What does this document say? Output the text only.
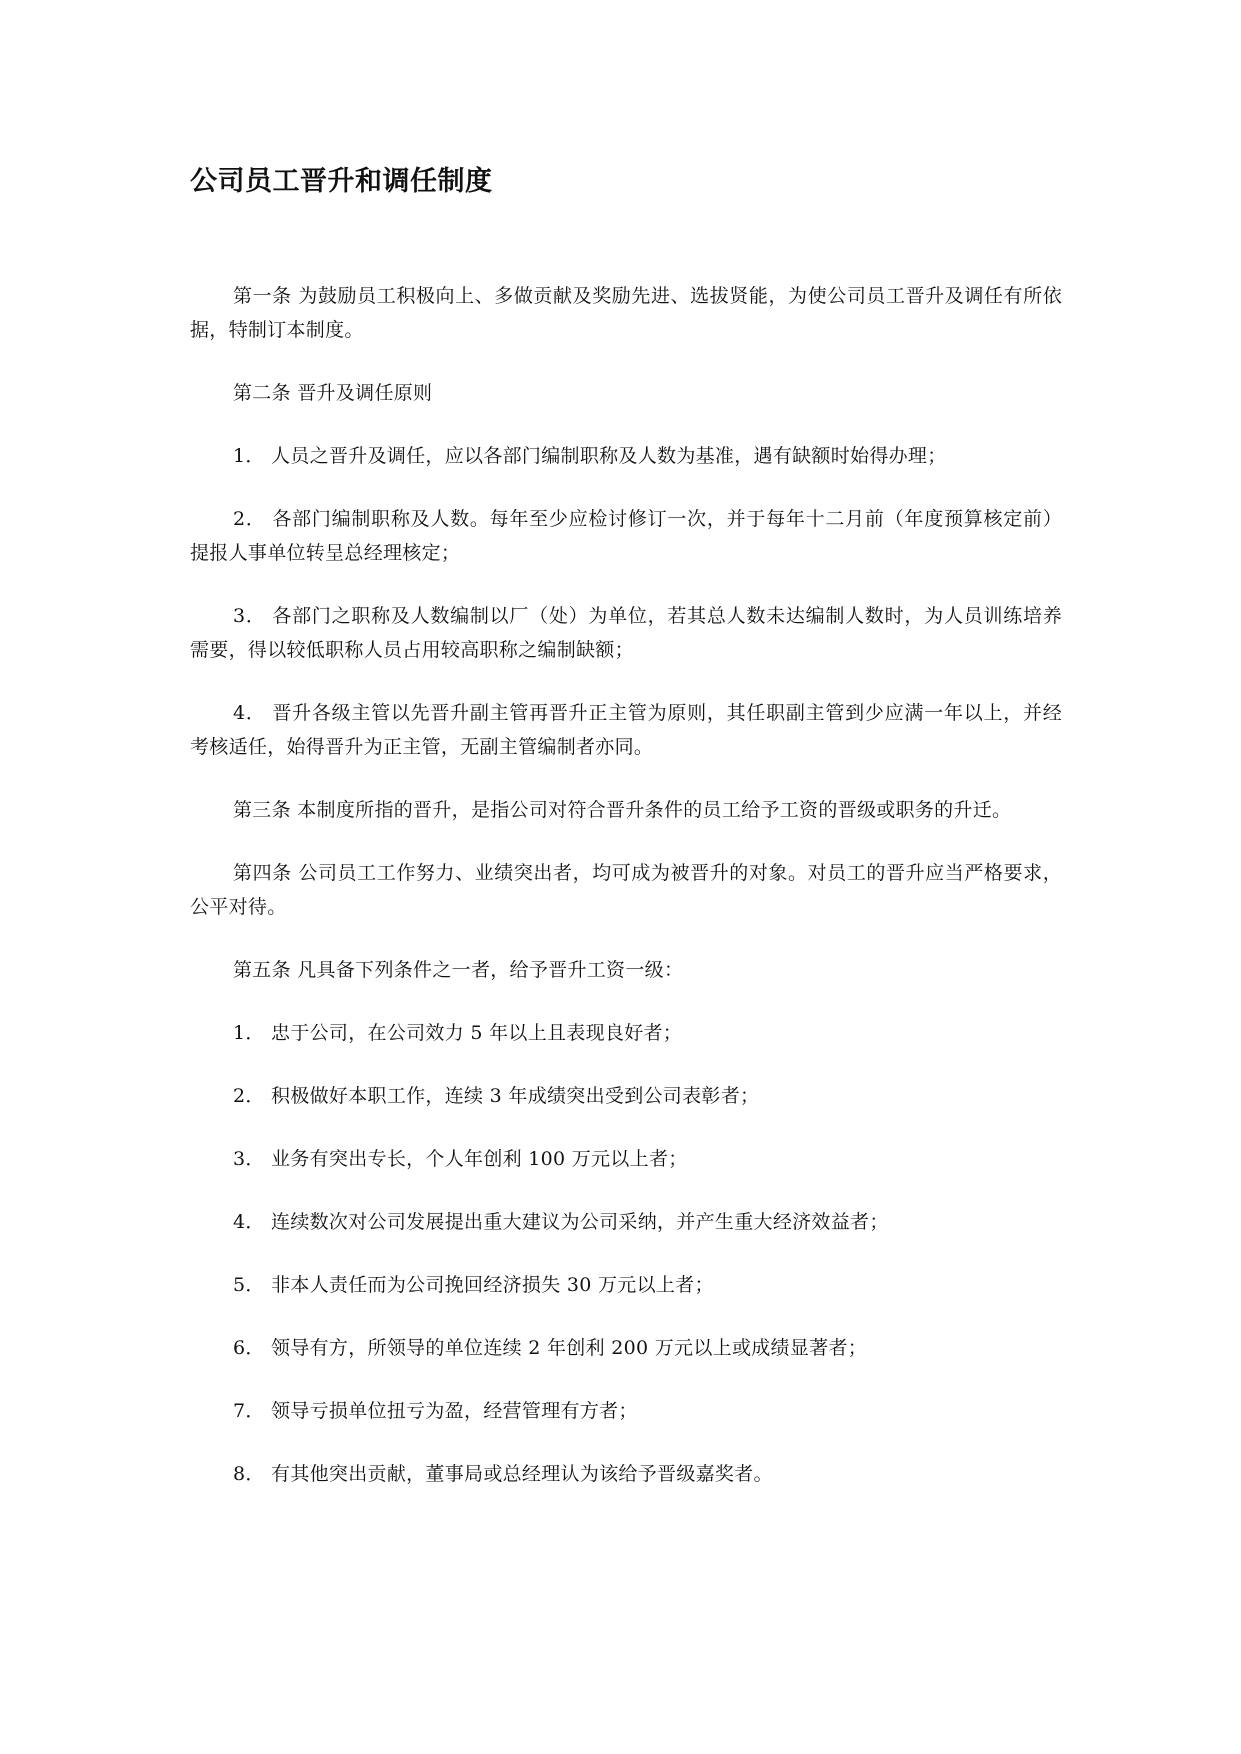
公司员工晋升和调任制度

第一条 为鼓励员工积极向上、多做贡献及奖励先进、选拔贤能，为使公司员工晋升及调任有所依据，特制订本制度。

第二条 晋升及调任原则

1． 人员之晋升及调任，应以各部门编制职称及人数为基准，遇有缺额时始得办理；

2． 各部门编制职称及人数。每年至少应检讨修订一次，并于每年十二月前（年度预算核定前）提报人事单位转呈总经理核定；

3． 各部门之职称及人数编制以厂（处）为单位，若其总人数未达编制人数时，为人员训练培养需要，得以较低职称人员占用较高职称之编制缺额；

4． 晋升各级主管以先晋升副主管再晋升正主管为原则，其任职副主管到少应满一年以上，并经考核适任，始得晋升为正主管，无副主管编制者亦同。

第三条 本制度所指的晋升，是指公司对符合晋升条件的员工给予工资的晋级或职务的升迁。

第四条 公司员工工作努力、业绩突出者，均可成为被晋升的对象。对员工的晋升应当严格要求，公平对待。

第五条 凡具备下列条件之一者，给予晋升工资一级：

1． 忠于公司，在公司效力 5 年以上且表现良好者；

2． 积极做好本职工作，连续 3 年成绩突出受到公司表彰者；

3． 业务有突出专长，个人年创利 100 万元以上者；

4． 连续数次对公司发展提出重大建议为公司采纳，并产生重大经济效益者；

5． 非本人责任而为公司挽回经济损失 30 万元以上者；

6． 领导有方，所领导的单位连续 2 年创利 200 万元以上或成绩显著者；

7． 领导亏损单位扭亏为盈，经营管理有方者；

8． 有其他突出贡献，董事局或总经理认为该给予晋级嘉奖者。
